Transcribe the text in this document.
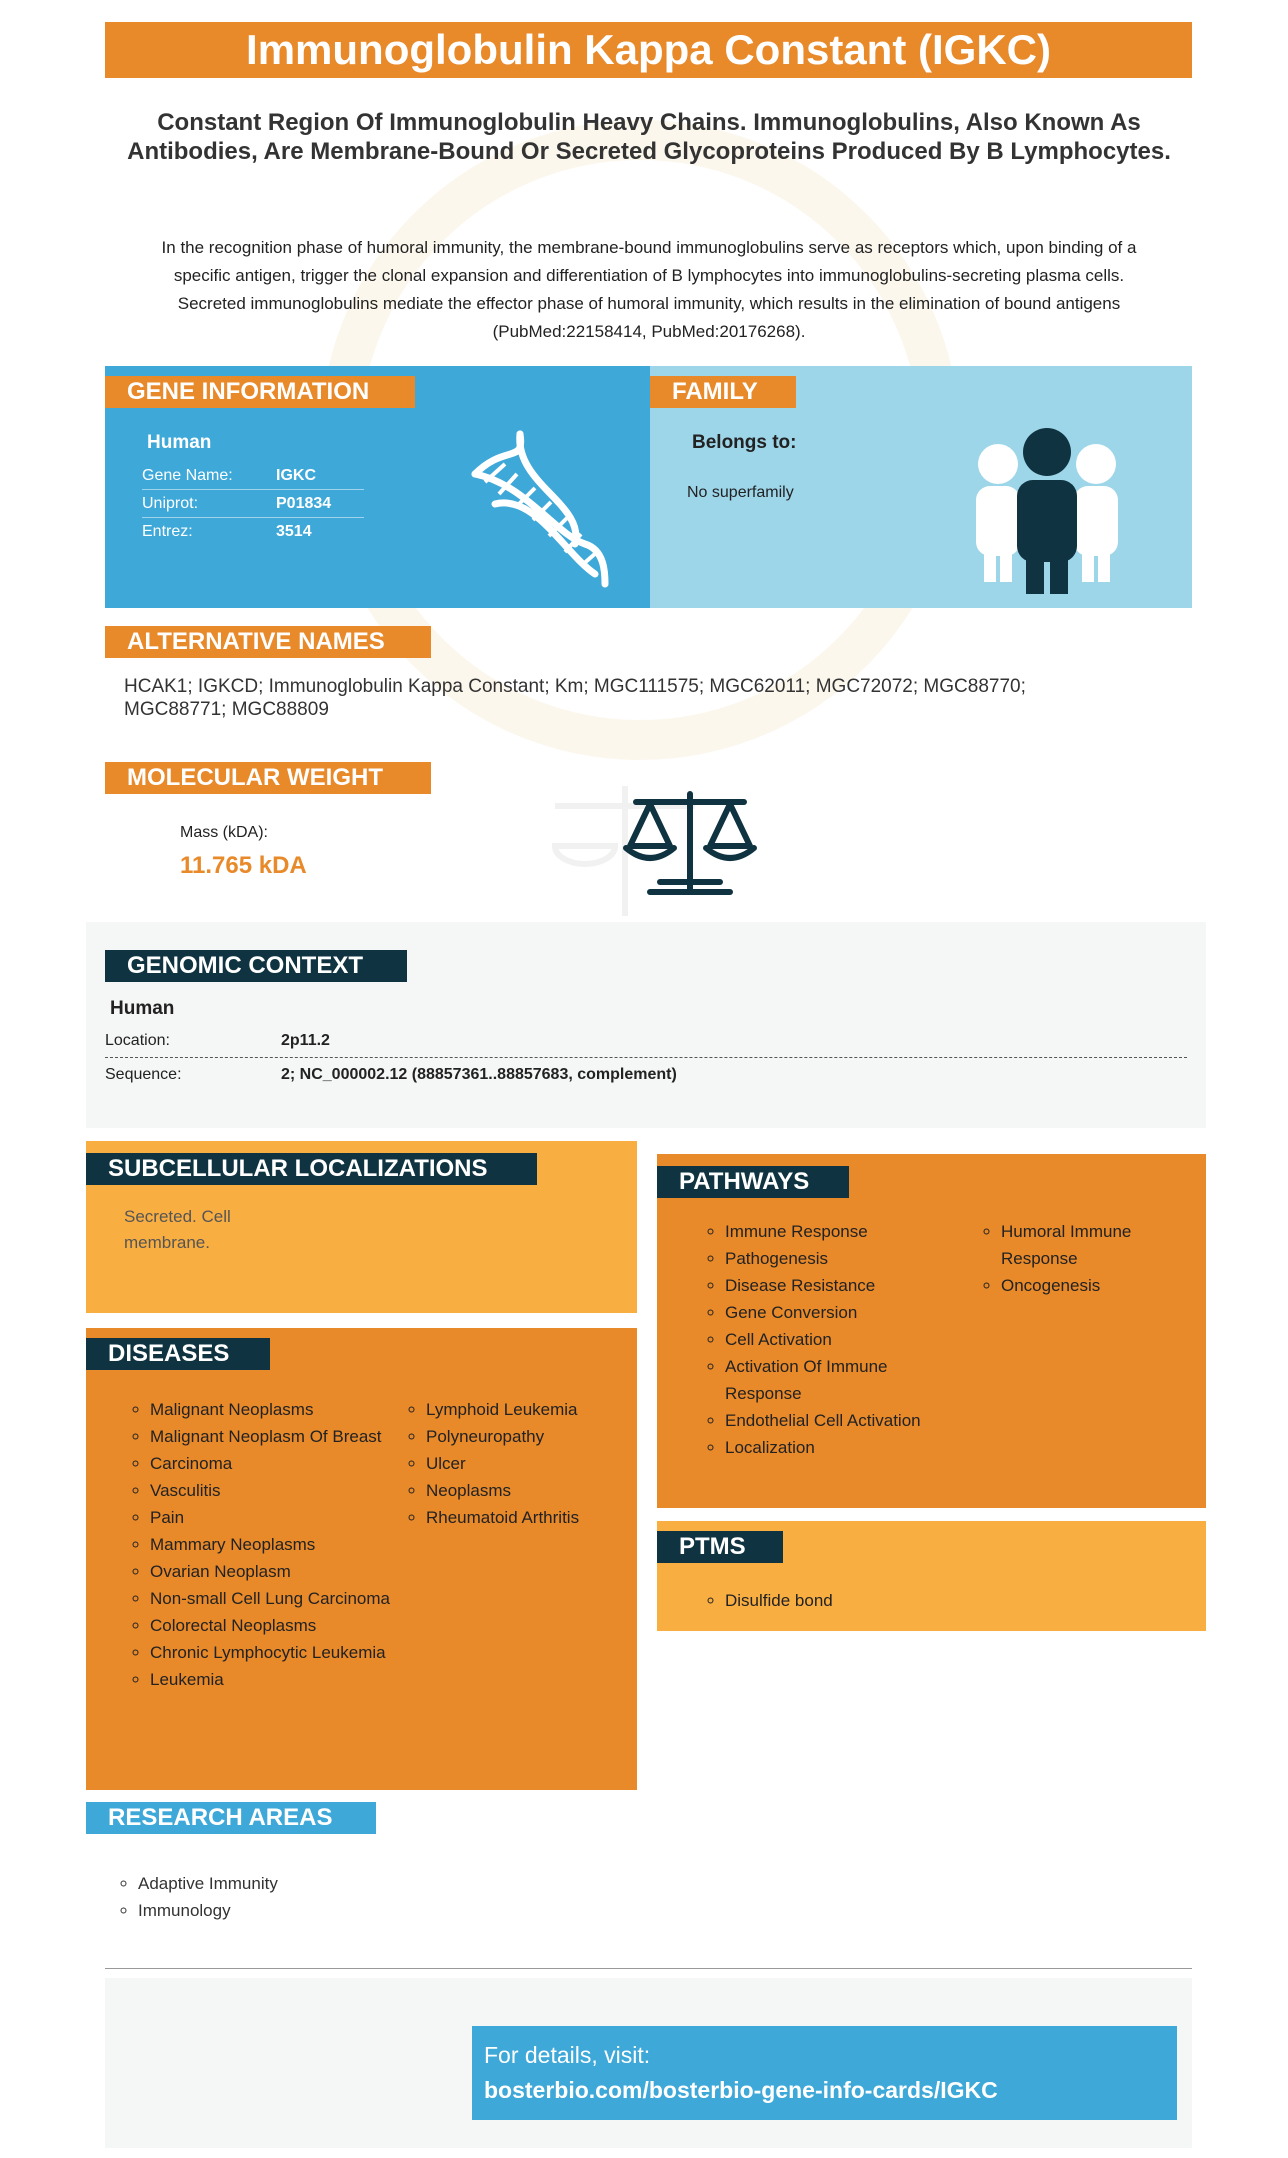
Immunoglobulin Kappa Constant (IGKC)
Constant Region Of Immunoglobulin Heavy Chains. Immunoglobulins, Also Known As Antibodies, Are Membrane-Bound Or Secreted Glycoproteins Produced By B Lymphocytes.
In the recognition phase of humoral immunity, the membrane-bound immunoglobulins serve as receptors which, upon binding of a specific antigen, trigger the clonal expansion and differentiation of B lymphocytes into immunoglobulins-secreting plasma cells. Secreted immunoglobulins mediate the effector phase of humoral immunity, which results in the elimination of bound antigens (PubMed:22158414, PubMed:20176268).
GENE INFORMATION
Human
Gene Name:	IGKC
Uniprot:	P01834
Entrez:	3514
FAMILY
Belongs to:
No superfamily
ALTERNATIVE NAMES
HCAK1; IGKCD; Immunoglobulin Kappa Constant; Km; MGC111575; MGC62011; MGC72072; MGC88770; MGC88771; MGC88809
MOLECULAR WEIGHT
Mass (kDA):
11.765 kDA
GENOMIC CONTEXT
Human
Location:	2p11.2
Sequence:	2; NC_000002.12 (88857361..88857683, complement)
SUBCELLULAR LOCALIZATIONS
Secreted. Cell
membrane.
DISEASES
◦ Malignant Neoplasms
◦ Malignant Neoplasm Of Breast
◦ Carcinoma
◦ Vasculitis
◦ Pain
◦ Mammary Neoplasms
◦ Ovarian Neoplasm
◦ Non-small Cell Lung Carcinoma
◦ Colorectal Neoplasms
◦ Chronic Lymphocytic Leukemia
◦ Leukemia
◦ Lymphoid Leukemia
◦ Polyneuropathy
◦ Ulcer
◦ Neoplasms
◦ Rheumatoid Arthritis
PATHWAYS
◦ Immune Response
◦ Pathogenesis
◦ Disease Resistance
◦ Gene Conversion
◦ Cell Activation
◦ Activation Of Immune Response
◦ Endothelial Cell Activation
◦ Localization
◦ Humoral Immune Response
◦ Oncogenesis
PTMS
◦ Disulfide bond
RESEARCH AREAS
◦ Adaptive Immunity
◦ Immunology
For details, visit:
bosterbio.com/bosterbio-gene-info-cards/IGKC
